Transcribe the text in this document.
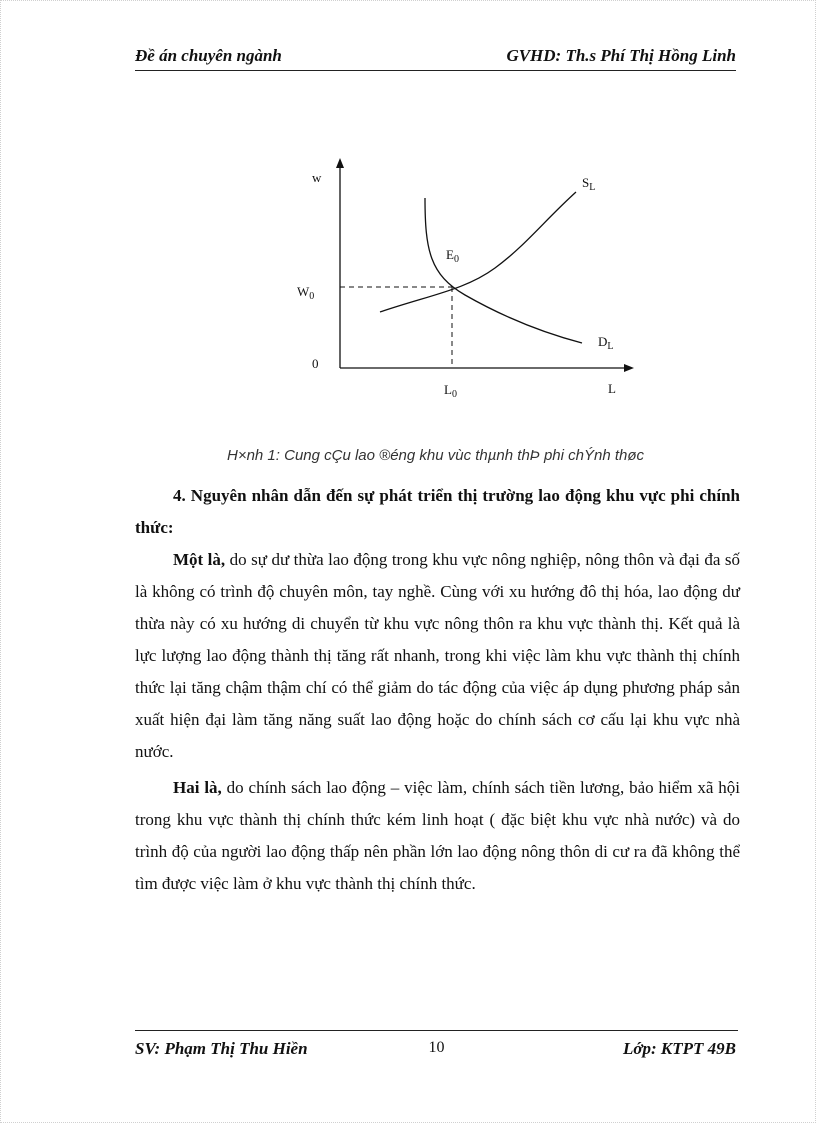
Đề án chuyên ngành	GVHD: Th.s Phí Thị Hồng Linh
w
0
$S_L$
$D_L$
$E_0$
$W_0$
$L_0$	L
H×nh 1: Cung cÇu lao ®éng khu vùc thµnh thÞ phi chÝnh thøc

4. Nguyên nhân dẫn đến sự phát triển thị trường lao động khu vực phi chính thức:

Một là, do sự dư thừa lao động trong khu vực nông nghiệp, nông thôn và đại đa số là không có trình độ chuyên môn, tay nghề. Cùng với xu hướng đô thị hóa, lao động dư thừa này có xu hướng di chuyển từ khu vực nông thôn ra khu vực thành thị. Kết quả là lực lượng lao động thành thị tăng rất nhanh, trong khi việc làm khu vực thành thị chính thức lại tăng chậm thậm chí có thể giảm do tác động của việc áp dụng phương pháp sản xuất hiện đại làm tăng năng suất lao động hoặc do chính sách cơ cấu lại khu vực nhà nước.

Hai là, do chính sách lao động – việc làm, chính sách tiền lương, bảo hiểm xã hội trong khu vực thành thị chính thức kém linh hoạt ( đặc biệt khu vực nhà nước) và do trình độ của người lao động thấp nên phần lớn lao động nông thôn di cư ra đã không thể tìm được việc làm ở khu vực thành thị chính thức.

SV: Phạm Thị Thu Hiền	10	Lớp: KTPT 49B
